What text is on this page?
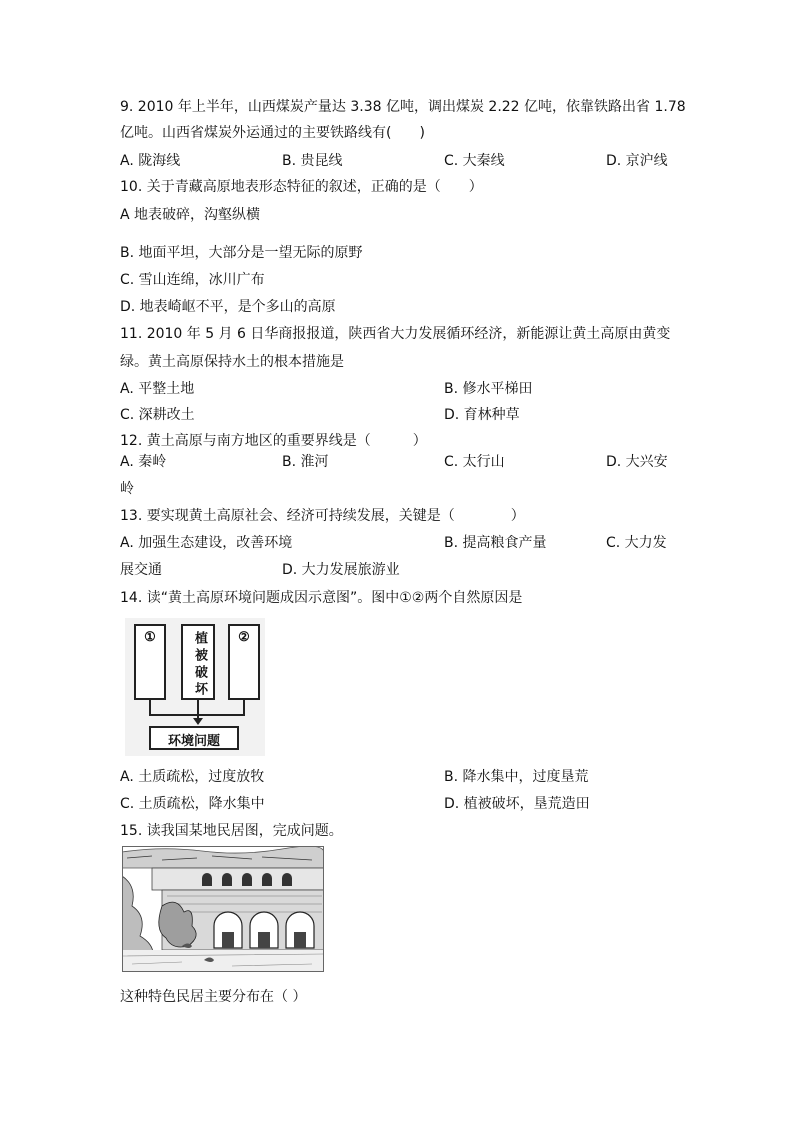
9. 2010 年上半年，山西煤炭产量达 3.38 亿吨，调出煤炭 2.22 亿吨，依靠铁路出省 1.78
亿吨。山西省煤炭外运通过的主要铁路线有(　　)
A. 陇海线	B. 贵昆线	C. 大秦线	D. 京沪线
10. 关于青藏高原地表形态特征的叙述，正确的是（　　）
A 地表破碎，沟壑纵横
B. 地面平坦，大部分是一望无际的原野
C. 雪山连绵，冰川广布
D. 地表崎岖不平，是个多山的高原
11. 2010 年 5 月 6 日华商报报道，陕西省大力发展循环经济，新能源让黄土高原由黄变
绿。黄土高原保持水土的根本措施是
A. 平整土地	B. 修水平梯田
C. 深耕改土	D. 育林种草
12. 黄土高原与南方地区的重要界线是（　　　）
A. 秦岭	B. 淮河	C. 太行山	D. 大兴安
岭
13. 要实现黄土高原社会、经济可持续发展，关键是（　　　　）
A. 加强生态建设，改善环境	B. 提高粮食产量	C. 大力发
展交通	D. 大力发展旅游业
14. 读“黄土高原环境问题成因示意图”。图中①②两个自然原因是
①	植被破坏	②
环境问题
A. 土质疏松，过度放牧	B. 降水集中，过度垦荒
C. 土质疏松，降水集中	D. 植被破坏，垦荒造田
15. 读我国某地民居图，完成问题。
这种特色民居主要分布在（ ）
